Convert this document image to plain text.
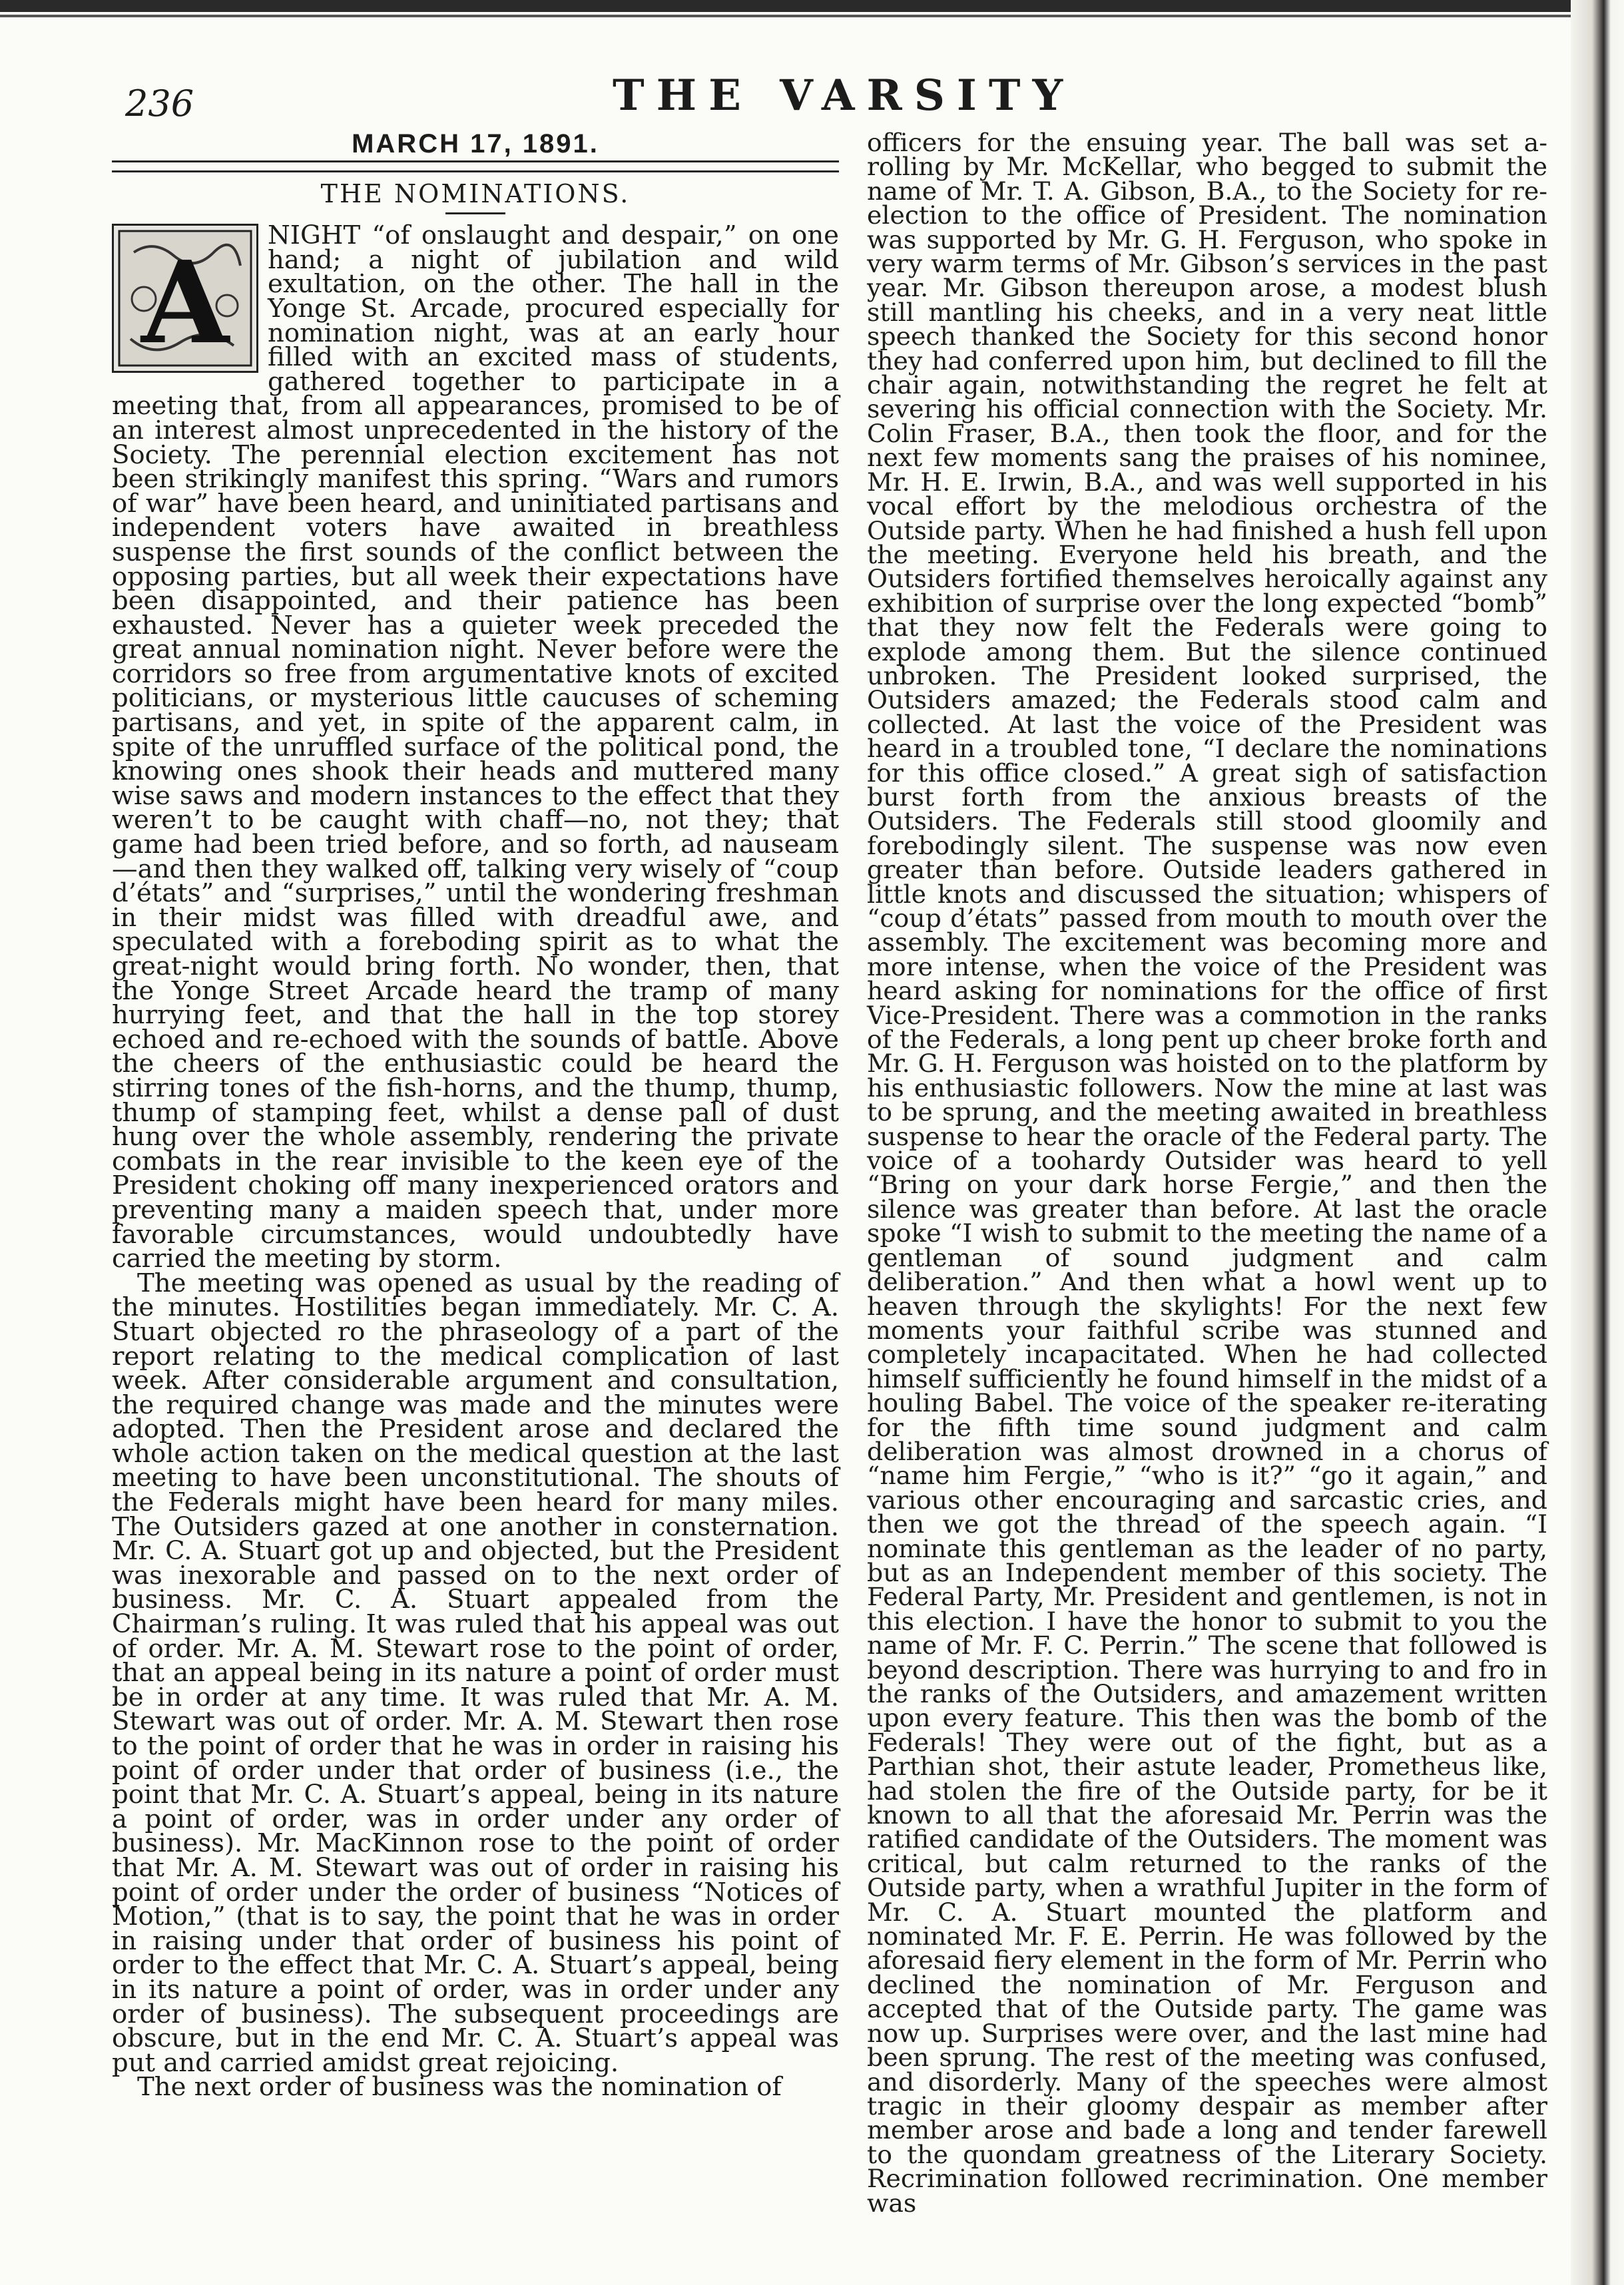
236	THE VARSITY
MARCH 17, 1891.
THE NOMINATIONS.
A

NIGHT “of onslaught and despair,” on one hand; a night of jubilation and wild exultation, on the other. The hall in the Yonge St. Arcade, procured especially for nomination night, was at an early hour filled with an excited mass of students, gathered together to participate in a meeting that, from all appearances, promised to be of an interest almost unprecedented in the history of the Society. The perennial election excitement has not been strikingly manifest this spring. “Wars and rumors of war” have been heard, and uninitiated partisans and independent voters have awaited in breathless suspense the first sounds of the conflict between the opposing parties, but all week their expectations have been disappointed, and their patience has been exhausted. Never has a quieter week preceded the great annual nomination night. Never before were the corridors so free from argumentative knots of excited politicians, or mysterious little caucuses of scheming partisans, and yet, in spite of the apparent calm, in spite of the unruffled surface of the political pond, the knowing ones shook their heads and muttered many wise saws and modern instances to the effect that they weren’t to be caught with chaff—no, not they; that game had been tried before, and so forth, ad nauseam—and then they walked off, talking very wisely of “coup d’états” and “surprises,” until the wondering freshman in their midst was filled with dreadful awe, and speculated with a foreboding spirit as to what the great-night would bring forth. No wonder, then, that the Yonge Street Arcade heard the tramp of many hurrying feet, and that the hall in the top storey echoed and re-echoed with the sounds of battle. Above the cheers of the enthusiastic could be heard the stirring tones of the fish-horns, and the thump, thump, thump of stamping feet, whilst a dense pall of dust hung over the whole assembly, rendering the private combats in the rear invisible to the keen eye of the President choking off many inexperienced orators and preventing many a maiden speech that, under more favorable circumstances, would undoubtedly have carried the meeting by storm.

The meeting was opened as usual by the reading of the minutes. Hostilities began immediately. Mr. C. A. Stuart objected ro the phraseology of a part of the report relating to the medical complication of last week. After considerable argument and consultation, the required change was made and the minutes were adopted. Then the President arose and declared the whole action taken on the medical question at the last meeting to have been unconstitutional. The shouts of the Federals might have been heard for many miles. The Outsiders gazed at one another in consternation. Mr. C. A. Stuart got up and objected, but the President was inexorable and passed on to the next order of business. Mr. C. A. Stuart appealed from the Chairman’s ruling. It was ruled that his appeal was out of order. Mr. A. M. Stewart rose to the point of order, that an appeal being in its nature a point of order must be in order at any time. It was ruled that Mr. A. M. Stewart was out of order. Mr. A. M. Stewart then rose to the point of order that he was in order in raising his point of order under that order of business (i.e., the point that Mr. C. A. Stuart’s appeal, being in its nature a point of order, was in order under any order of business). Mr. MacKinnon rose to the point of order that Mr. A. M. Stewart was out of order in raising his point of order under the order of business “Notices of Motion,” (that is to say, the point that he was in order in raising under that order of business his point of order to the effect that Mr. C. A. Stuart’s appeal, being in its nature a point of order, was in order under any order of business). The subsequent proceedings are obscure, but in the end Mr. C. A. Stuart’s appeal was put and carried amidst great rejoicing.

The next order of business was the nomination of

officers for the ensuing year. The ball was set a-rolling by Mr. McKellar, who begged to submit the name of Mr. T. A. Gibson, B.A., to the Society for re-election to the office of President. The nomination was supported by Mr. G. H. Ferguson, who spoke in very warm terms of Mr. Gibson’s services in the past year. Mr. Gibson thereupon arose, a modest blush still mantling his cheeks, and in a very neat little speech thanked the Society for this second honor they had conferred upon him, but declined to fill the chair again, notwithstanding the regret he felt at severing his official connection with the Society. Mr. Colin Fraser, B.A., then took the floor, and for the next few moments sang the praises of his nominee, Mr. H. E. Irwin, B.A., and was well supported in his vocal effort by the melodious orchestra of the Outside party. When he had finished a hush fell upon the meeting. Everyone held his breath, and the Outsiders fortified themselves heroically against any exhibition of surprise over the long expected “bomb” that they now felt the Federals were going to explode among them. But the silence continued unbroken. The President looked surprised, the Outsiders amazed; the Federals stood calm and collected. At last the voice of the President was heard in a troubled tone, “I declare the nominations for this office closed.” A great sigh of satisfaction burst forth from the anxious breasts of the Outsiders. The Federals still stood gloomily and forebodingly silent. The suspense was now even greater than before. Outside leaders gathered in little knots and discussed the situation; whispers of “coup d’états” passed from mouth to mouth over the assembly. The excitement was becoming more and more intense, when the voice of the President was heard asking for nominations for the office of first Vice-President. There was a commotion in the ranks of the Federals, a long pent up cheer broke forth and Mr. G. H. Ferguson was hoisted on to the platform by his enthusiastic followers. Now the mine at last was to be sprung, and the meeting awaited in breathless suspense to hear the oracle of the Federal party. The voice of a toohardy Outsider was heard to yell “Bring on your dark horse Fergie,” and then the silence was greater than before. At last the oracle spoke “I wish to submit to the meeting the name of a gentleman of sound judgment and calm deliberation.” And then what a howl went up to heaven through the skylights! For the next few moments your faithful scribe was stunned and completely incapacitated. When he had collected himself sufficiently he found himself in the midst of a houling Babel. The voice of the speaker re-iterating for the fifth time sound judgment and calm deliberation was almost drowned in a chorus of “name him Fergie,” “who is it?” “go it again,” and various other encouraging and sarcastic cries, and then we got the thread of the speech again. “I nominate this gentleman as the leader of no party, but as an Independent member of this society. The Federal Party, Mr. President and gentlemen, is not in this election. I have the honor to submit to you the name of Mr. F. C. Perrin.” The scene that followed is beyond description. There was hurrying to and fro in the ranks of the Outsiders, and amazement written upon every feature. This then was the bomb of the Federals! They were out of the fight, but as a Parthian shot, their astute leader, Prometheus like, had stolen the fire of the Outside party, for be it known to all that the aforesaid Mr. Perrin was the ratified candidate of the Outsiders. The moment was critical, but calm returned to the ranks of the Outside party, when a wrathful Jupiter in the form of Mr. C. A. Stuart mounted the platform and nominated Mr. F. E. Perrin. He was followed by the aforesaid fiery element in the form of Mr. Perrin who declined the nomination of Mr. Ferguson and accepted that of the Outside party. The game was now up. Surprises were over, and the last mine had been sprung. The rest of the meeting was confused, and disorderly. Many of the speeches were almost tragic in their gloomy despair as member after member arose and bade a long and tender farewell to the quondam greatness of the Literary Society. Recrimination followed recrimination. One member was
